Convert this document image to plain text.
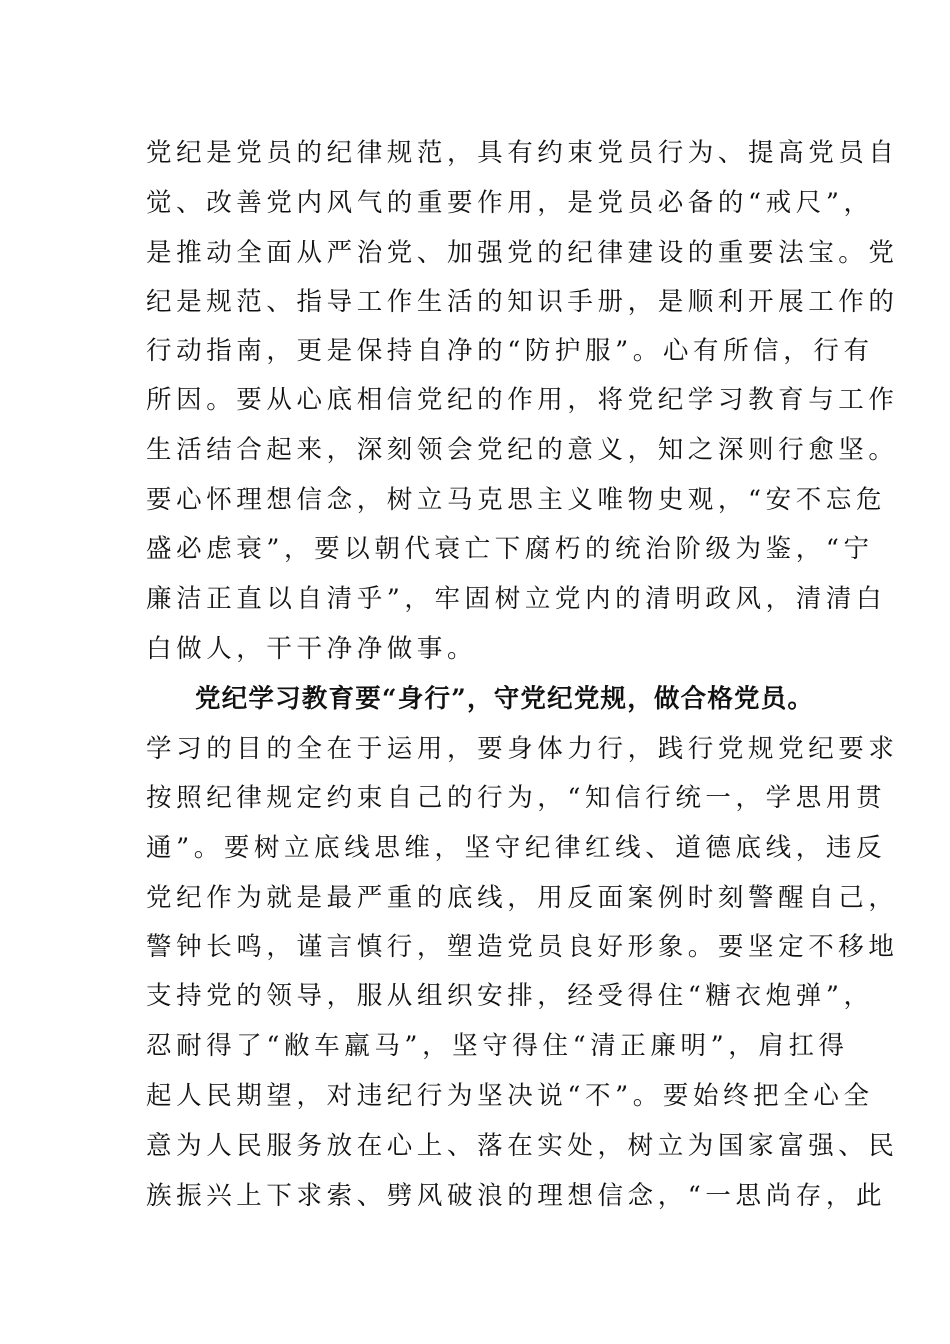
党纪是党员的纪律规范，具有约束党员行为、提高党员自

觉、改善党内风气的重要作用，是党员必备的“戒尺”，

是推动全面从严治党、加强党的纪律建设的重要法宝。党

纪是规范、指导工作生活的知识手册，是顺利开展工作的

行动指南，更是保持自净的“防护服”。心有所信，行有

所因。要从心底相信党纪的作用，将党纪学习教育与工作

生活结合起来，深刻领会党纪的意义，知之深则行愈坚。

要心怀理想信念，树立马克思主义唯物史观，“安不忘危

盛必虑衰”，要以朝代衰亡下腐朽的统治阶级为鉴，“宁

廉洁正直以自清乎”，牢固树立党内的清明政风，清清白

白做人，干干净净做事。

党纪学习教育要“身行”，守党纪党规，做合格党员。

学习的目的全在于运用，要身体力行，践行党规党纪要求

按照纪律规定约束自己的行为，“知信行统一，学思用贯

通”。要树立底线思维，坚守纪律红线、道德底线，违反

党纪作为就是最严重的底线，用反面案例时刻警醒自己，

警钟长鸣，谨言慎行，塑造党员良好形象。要坚定不移地

支持党的领导，服从组织安排，经受得住“糖衣炮弹”，

忍耐得了“敝车羸马”，坚守得住“清正廉明”，肩扛得

起人民期望，对违纪行为坚决说“不”。要始终把全心全

意为人民服务放在心上、落在实处，树立为国家富强、民

族振兴上下求索、劈风破浪的理想信念，“一思尚存，此
